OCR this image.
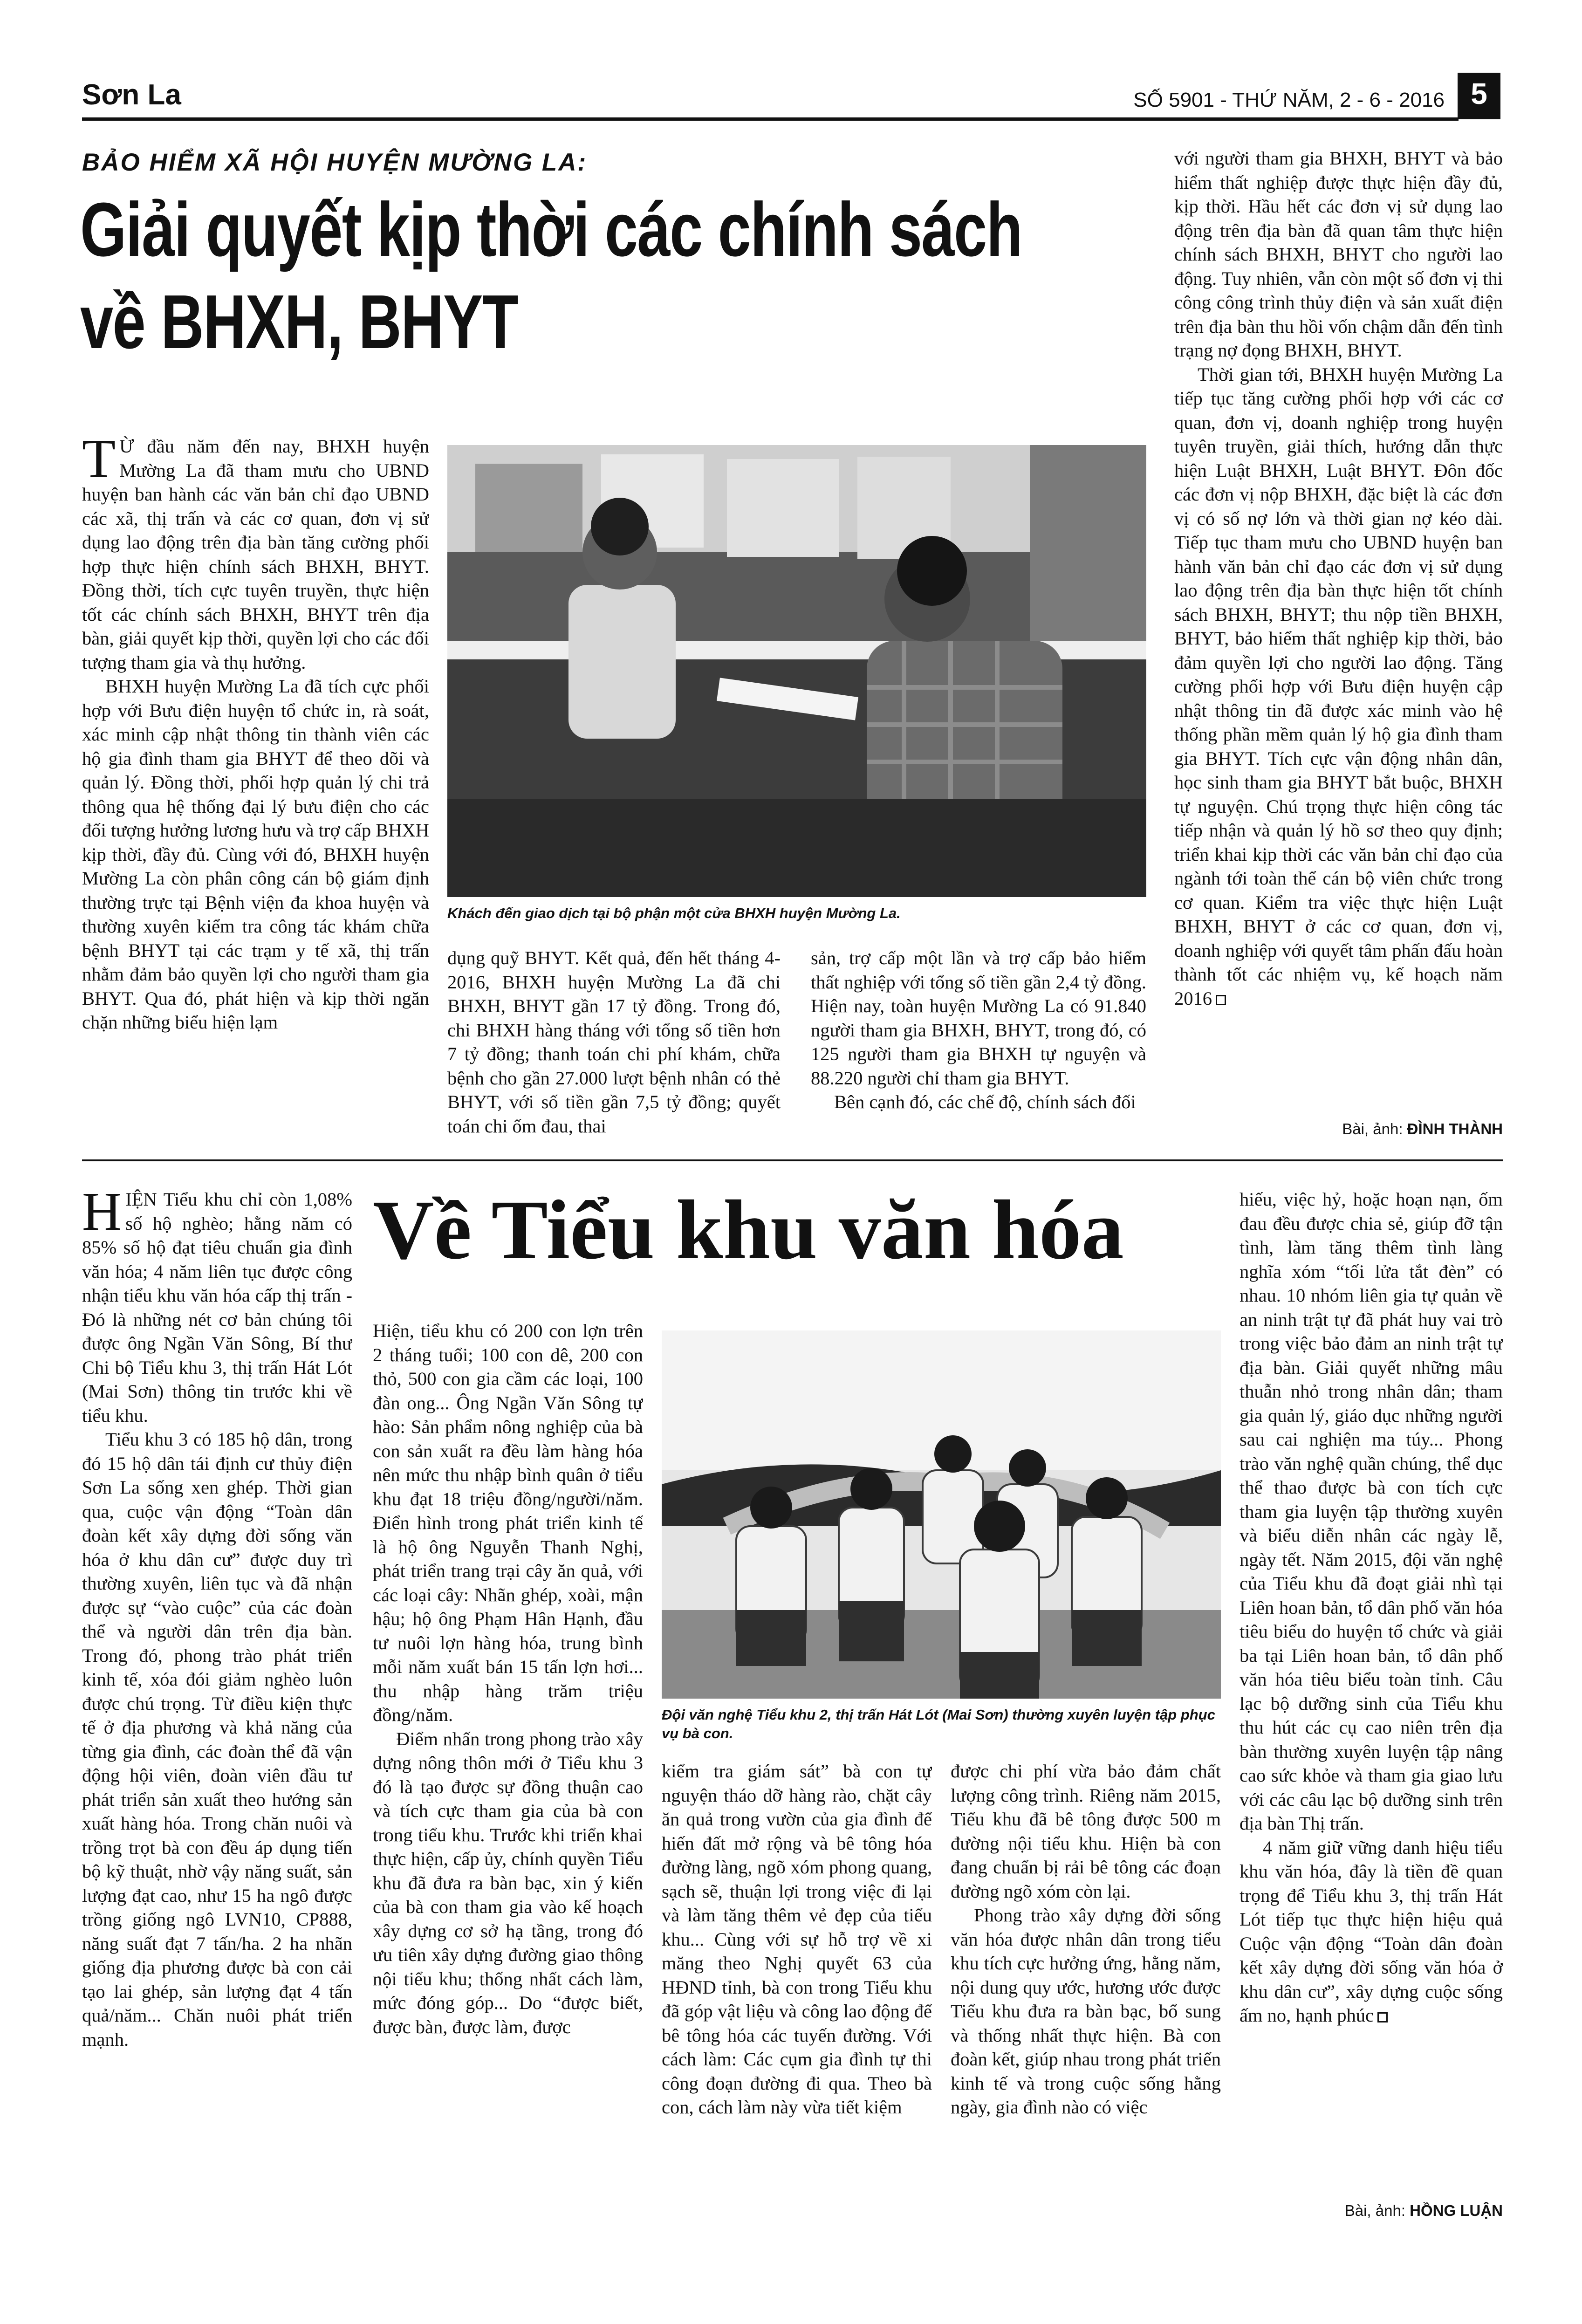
Sơn La	SỐ 5901 - THỨ NĂM, 2 - 6 - 2016 5
BẢO HIỂM XÃ HỘI HUYỆN MƯỜNG LA:
Giải quyết kịp thời các chính sách
về BHXH, BHYT

T Ừ đầu năm đến nay, BHXH huyện Mường La đã tham mưu cho UBND huyện ban hành các văn bản chỉ đạo UBND các xã, thị trấn và các cơ quan, đơn vị sử dụng lao động trên địa bàn tăng cường phối hợp thực hiện chính sách BHXH, BHYT. Đồng thời, tích cực tuyên truyền, thực hiện tốt các chính sách BHXH, BHYT trên địa bàn, giải quyết kịp thời, quyền lợi cho các đối tượng tham gia và thụ hưởng.

BHXH huyện Mường La đã tích cực phối hợp với Bưu điện huyện tổ chức in, rà soát, xác minh cập nhật thông tin thành viên các hộ gia đình tham gia BHYT để theo dõi và quản lý. Đồng thời, phối hợp quản lý chi trả thông qua hệ thống đại lý bưu điện cho các đối tượng hưởng lương hưu và trợ cấp BHXH kịp thời, đầy đủ. Cùng với đó, BHXH huyện Mường La còn phân công cán bộ giám định thường trực tại Bệnh viện đa khoa huyện và thường xuyên kiểm tra công tác khám chữa bệnh BHYT tại các trạm y tế xã, thị trấn nhằm đảm bảo quyền lợi cho người tham gia BHYT. Qua đó, phát hiện và kịp thời ngăn chặn những biểu hiện lạm

Khách đến giao dịch tại bộ phận một cửa BHXH huyện Mường La.

dụng quỹ BHYT. Kết quả, đến hết tháng 4-2016, BHXH huyện Mường La đã chi BHXH, BHYT gần 17 tỷ đồng. Trong đó, chi BHXH hàng tháng với tổng số tiền hơn 7 tỷ đồng; thanh toán chi phí khám, chữa bệnh cho gần 27.000 lượt bệnh nhân có thẻ BHYT, với số tiền gần 7,5 tỷ đồng; quyết toán chi ốm đau, thai

sản, trợ cấp một lần và trợ cấp bảo hiểm thất nghiệp với tổng số tiền gần 2,4 tỷ đồng. Hiện nay, toàn huyện Mường La có 91.840 người tham gia BHXH, BHYT, trong đó, có 125 người tham gia BHXH tự nguyện và 88.220 người chỉ tham gia BHYT.

Bên cạnh đó, các chế độ, chính sách đối

với người tham gia BHXH, BHYT và bảo hiểm thất nghiệp được thực hiện đầy đủ, kịp thời. Hầu hết các đơn vị sử dụng lao động trên địa bàn đã quan tâm thực hiện chính sách BHXH, BHYT cho người lao động. Tuy nhiên, vẫn còn một số đơn vị thi công công trình thủy điện và sản xuất điện trên địa bàn thu hồi vốn chậm dẫn đến tình trạng nợ đọng BHXH, BHYT.

Thời gian tới, BHXH huyện Mường La tiếp tục tăng cường phối hợp với các cơ quan, đơn vị, doanh nghiệp trong huyện tuyên truyền, giải thích, hướng dẫn thực hiện Luật BHXH, Luật BHYT. Đôn đốc các đơn vị nộp BHXH, đặc biệt là các đơn vị có số nợ lớn và thời gian nợ kéo dài. Tiếp tục tham mưu cho UBND huyện ban hành văn bản chỉ đạo các đơn vị sử dụng lao động trên địa bàn thực hiện tốt chính sách BHXH, BHYT; thu nộp tiền BHXH, BHYT, bảo hiểm thất nghiệp kịp thời, bảo đảm quyền lợi cho người lao động. Tăng cường phối hợp với Bưu điện huyện cập nhật thông tin đã được xác minh vào hệ thống phần mềm quản lý hộ gia đình tham gia BHYT. Tích cực vận động nhân dân, học sinh tham gia BHYT bắt buộc, BHXH tự nguyện. Chú trọng thực hiện công tác tiếp nhận và quản lý hồ sơ theo quy định; triển khai kịp thời các văn bản chỉ đạo của ngành tới toàn thể cán bộ viên chức trong cơ quan. Kiểm tra việc thực hiện Luật BHXH, BHYT ở các cơ quan, đơn vị, doanh nghiệp với quyết tâm phấn đấu hoàn thành tốt các nhiệm vụ, kế hoạch năm 2016

Bài, ảnh: ĐÌNH THÀNH
Về Tiểu khu văn hóa

HIỆN Tiểu khu chỉ còn 1,08% số hộ nghèo; hằng năm có 85% số hộ đạt tiêu chuẩn gia đình văn hóa; 4 năm liên tục được công nhận tiểu khu văn hóa cấp thị trấn - Đó là những nét cơ bản chúng tôi được ông Ngần Văn Sông, Bí thư Chi bộ Tiểu khu 3, thị trấn Hát Lót (Mai Sơn) thông tin trước khi về tiểu khu.

Tiểu khu 3 có 185 hộ dân, trong đó 15 hộ dân tái định cư thủy điện Sơn La sống xen ghép. Thời gian qua, cuộc vận động “Toàn dân đoàn kết xây dựng đời sống văn hóa ở khu dân cư” được duy trì thường xuyên, liên tục và đã nhận được sự “vào cuộc” của các đoàn thể và người dân trên địa bàn. Trong đó, phong trào phát triển kinh tế, xóa đói giảm nghèo luôn được chú trọng. Từ điều kiện thực tế ở địa phương và khả năng của từng gia đình, các đoàn thể đã vận động hội viên, đoàn viên đầu tư phát triển sản xuất theo hướng sản xuất hàng hóa. Trong chăn nuôi và trồng trọt bà con đều áp dụng tiến bộ kỹ thuật, nhờ vậy năng suất, sản lượng đạt cao, như 15 ha ngô được trồng giống ngô LVN10, CP888, năng suất đạt 7 tấn/ha. 2 ha nhãn giống địa phương được bà con cải tạo lai ghép, sản lượng đạt 4 tấn quả/năm... Chăn nuôi phát triển mạnh.

Hiện, tiểu khu có 200 con lợn trên 2 tháng tuổi; 100 con dê, 200 con thỏ, 500 con gia cầm các loại, 100 đàn ong... Ông Ngần Văn Sông tự hào: Sản phẩm nông nghiệp của bà con sản xuất ra đều làm hàng hóa nên mức thu nhập bình quân ở tiểu khu đạt 18 triệu đồng/người/năm. Điển hình trong phát triển kinh tế là hộ ông Nguyễn Thanh Nghị, phát triển trang trại cây ăn quả, với các loại cây: Nhãn ghép, xoài, mận hậu; hộ ông Phạm Hân Hạnh, đầu tư nuôi lợn hàng hóa, trung bình mỗi năm xuất bán 15 tấn lợn hơi... thu nhập hàng trăm triệu đồng/năm.

Điểm nhấn trong phong trào xây dựng nông thôn mới ở Tiểu khu 3 đó là tạo được sự đồng thuận cao và tích cực tham gia của bà con trong tiểu khu. Trước khi triển khai thực hiện, cấp ủy, chính quyền Tiểu khu đã đưa ra bàn bạc, xin ý kiến của bà con tham gia vào kế hoạch xây dựng cơ sở hạ tầng, trong đó ưu tiên xây dựng đường giao thông nội tiểu khu; thống nhất cách làm, mức đóng góp... Do “được biết, được bàn, được làm, được

Đội văn nghệ Tiểu khu 2, thị trấn Hát Lót (Mai Sơn) thường xuyên luyện tập phục vụ bà con.

kiểm tra giám sát” bà con tự nguyện tháo dỡ hàng rào, chặt cây ăn quả trong vườn của gia đình để hiến đất mở rộng và bê tông hóa đường làng, ngõ xóm phong quang, sạch sẽ, thuận lợi trong việc đi lại và làm tăng thêm vẻ đẹp của tiểu khu... Cùng với sự hỗ trợ về xi măng theo Nghị quyết 63 của HĐND tỉnh, bà con trong Tiểu khu đã góp vật liệu và công lao động để bê tông hóa các tuyến đường. Với cách làm: Các cụm gia đình tự thi công đoạn đường đi qua. Theo bà con, cách làm này vừa tiết kiệm

được chi phí vừa bảo đảm chất lượng công trình. Riêng năm 2015, Tiểu khu đã bê tông được 500 m đường nội tiểu khu. Hiện bà con đang chuẩn bị rải bê tông các đoạn đường ngõ xóm còn lại.

Phong trào xây dựng đời sống văn hóa được nhân dân trong tiểu khu tích cực hưởng ứng, hằng năm, nội dung quy ước, hương ước được Tiểu khu đưa ra bàn bạc, bổ sung và thống nhất thực hiện. Bà con đoàn kết, giúp nhau trong phát triển kinh tế và trong cuộc sống hằng ngày, gia đình nào có việc

hiếu, việc hỷ, hoặc hoạn nạn, ốm đau đều được chia sẻ, giúp đỡ tận tình, làm tăng thêm tình làng nghĩa xóm “tối lửa tắt đèn” có nhau. 10 nhóm liên gia tự quản về an ninh trật tự đã phát huy vai trò trong việc bảo đảm an ninh trật tự địa bàn. Giải quyết những mâu thuẫn nhỏ trong nhân dân; tham gia quản lý, giáo dục những người sau cai nghiện ma túy... Phong trào văn nghệ quần chúng, thể dục thể thao được bà con tích cực tham gia luyện tập thường xuyên và biểu diễn nhân các ngày lễ, ngày tết. Năm 2015, đội văn nghệ của Tiểu khu đã đoạt giải nhì tại Liên hoan bản, tổ dân phố văn hóa tiêu biểu do huyện tổ chức và giải ba tại Liên hoan bản, tổ dân phố văn hóa tiêu biểu toàn tỉnh. Câu lạc bộ dưỡng sinh của Tiểu khu thu hút các cụ cao niên trên địa bàn thường xuyên luyện tập nâng cao sức khỏe và tham gia giao lưu với các câu lạc bộ dưỡng sinh trên địa bàn Thị trấn.

4 năm giữ vững danh hiệu tiểu khu văn hóa, đây là tiền đề quan trọng để Tiểu khu 3, thị trấn Hát Lót tiếp tục thực hiện hiệu quả Cuộc vận động “Toàn dân đoàn kết xây dựng đời sống văn hóa ở khu dân cư”, xây dựng cuộc sống ấm no, hạnh phúc

Bài, ảnh: HỒNG LUẬN
